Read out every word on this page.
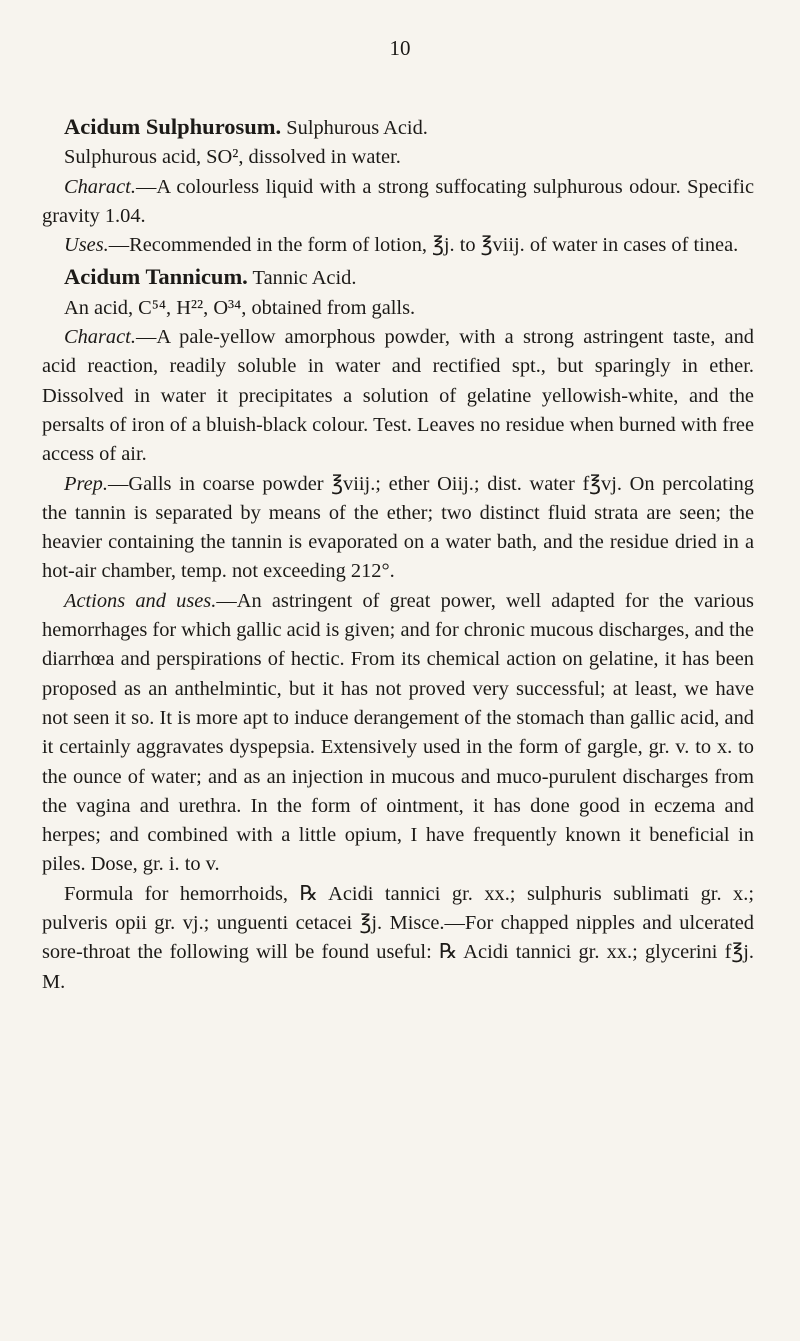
10

Acidum Sulphurosum. Sulphurous Acid.

Sulphurous acid, SO², dissolved in water.

Charact.—A colourless liquid with a strong suffocating sulphurous odour. Specific gravity 1.04.

Uses.—Recommended in the form of lotion, ℥j. to ℥viij. of water in cases of tinea.

Acidum Tannicum. Tannic Acid.

An acid, C⁵⁴, H²², O³⁴, obtained from galls.

Charact.—A pale-yellow amorphous powder, with a strong astringent taste, and acid reaction, readily soluble in water and rectified spt., but sparingly in ether. Dissolved in water it precipitates a solution of gelatine yellowish-white, and the persalts of iron of a bluish-black colour. Test. Leaves no residue when burned with free access of air.

Prep.—Galls in coarse powder ℥viij.; ether Oiij.; dist. water f℥vj. On percolating the tannin is separated by means of the ether; two distinct fluid strata are seen; the heavier containing the tannin is evaporated on a water bath, and the residue dried in a hot-air chamber, temp. not exceeding 212°.

Actions and uses.—An astringent of great power, well adapted for the various hemorrhages for which gallic acid is given; and for chronic mucous discharges, and the diarrhœa and perspirations of hectic. From its chemical action on gelatine, it has been proposed as an anthelmintic, but it has not proved very successful; at least, we have not seen it so. It is more apt to induce derangement of the stomach than gallic acid, and it certainly aggravates dyspepsia. Extensively used in the form of gargle, gr. v. to x. to the ounce of water; and as an injection in mucous and muco-purulent discharges from the vagina and urethra. In the form of ointment, it has done good in eczema and herpes; and combined with a little opium, I have frequently known it beneficial in piles. Dose, gr. i. to v.

Formula for hemorrhoids, ℞ Acidi tannici gr. xx.; sulphuris sublimati gr. x.; pulveris opii gr. vj.; unguenti cetacei ℥j. Misce.—For chapped nipples and ulcerated sore-throat the following will be found useful: ℞ Acidi tannici gr. xx.; glycerini f℥j. M.
